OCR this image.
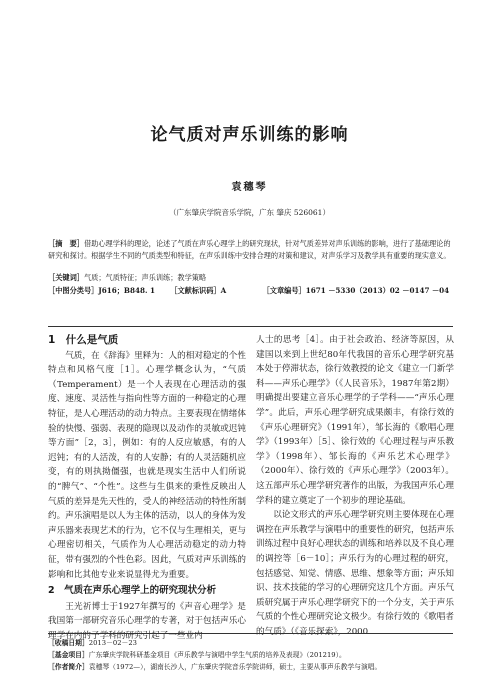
论气质对声乐训练的影响
袁穗琴
（广东肇庆学院音乐学院，广东 肇庆 526061）
［摘　要］借助心理学科的理论，论述了气质在声乐心理学上的研究现状，针对气质差异对声乐训练的影响，进行了基础理论的研究和探讨。根据学生不同的气质类型和特征，在声乐训练中安排合理的对策和建议，对声乐学习及教学具有重要的现实意义。
［关键词］气质；气质特征；声乐训练；教学策略
［中图分类号］J616；B848. 1 ［文献标识码］A	［文章编号］1671 －5330（2013）02 －0147 －04
1　什么是气质

气质，在《辞海》里释为：人的相对稳定的个性特点和风格气度［1］。心理学概念认为，“气质（Temperament）是一个人表现在心理活动的强度、速度、灵活性与指向性等方面的一种稳定的心理特征，是人心理活动的动力特点。主要表现在情绪体验的快慢、强弱、表现的隐现以及动作的灵敏或迟钝等方面”［2，3］，例如：有的人反应敏感，有的人迟钝；有的人活泼，有的人安静；有的人灵活随机应变，有的则执拗僵强，也就是现实生活中人们所说的“脾气”、“个性”。这些与生俱来的秉性反映出人气质的差异是先天性的，受人的神经活动的特性所制约。声乐演唱是以人为主体的活动，以人的身体为发声乐器来表现艺术的行为，它不仅与生理相关，更与心理密切相关，气质作为人心理活动稳定的动力特征，带有强烈的个性色彩。因此，气质对声乐训练的影响和比其他专业来说显得尤为重要。

2　气质在声乐心理学上的研究现状分析

王光祈博士于1927年撰写的《声音心理学》是我国第一部研究音乐心理学的专著，对于包括声乐心理学在内的子学科的研究引起了一些业内

人士的思考［4］。由于社会政治、经济等原因，从建国以来到上世纪80年代我国的音乐心理学研究基本处于停滞状态，徐行效教授的论文《建立一门新学科——声乐心理学》（《人民音乐》，1987年第2期）明确提出要建立音乐心理学的子学科——“声乐心理学”。此后，声乐心理学研究成果颇丰，有徐行效的《声乐心理研究》（1991年），邹长海的《歌唱心理学》（1993年）［5］、徐行效的《心理过程与声乐教学》（1998年）、邹长海的《声乐艺术心理学》（2000年）、徐行效的《声乐心理学》（2003年）。这五部声乐心理学研究著作的出版，为我国声乐心理学科的建立奠定了一个初步的理论基础。

以论文形式的声乐心理学研究则主要体现在心理调控在声乐教学与演唱中的重要性的研究，包括声乐训练过程中良好心理状态的训练和培养以及不良心理的调控等［6－10］；声乐行为的心理过程的研究，包括感觉、知觉、情感、思维、想象等方面；声乐知识、技术技能的学习的心理研究这几个方面。声乐气质研究属于声乐心理学研究下的一个分支，关于声乐气质的个性心理研究论文极少。有徐行效的《歌唱者的气质》（《音乐探索》，2000

［收稿日期］2013－02－23
［基金项目］广东肇庆学院科研基金项目《声乐教学与演唱中学生气质的培养及表现》（201219）。
［作者简介］袁穗琴（1972—），湖南长沙人，广东肇庆学院音乐学院讲师，硕士，主要从事声乐教学与演唱。
